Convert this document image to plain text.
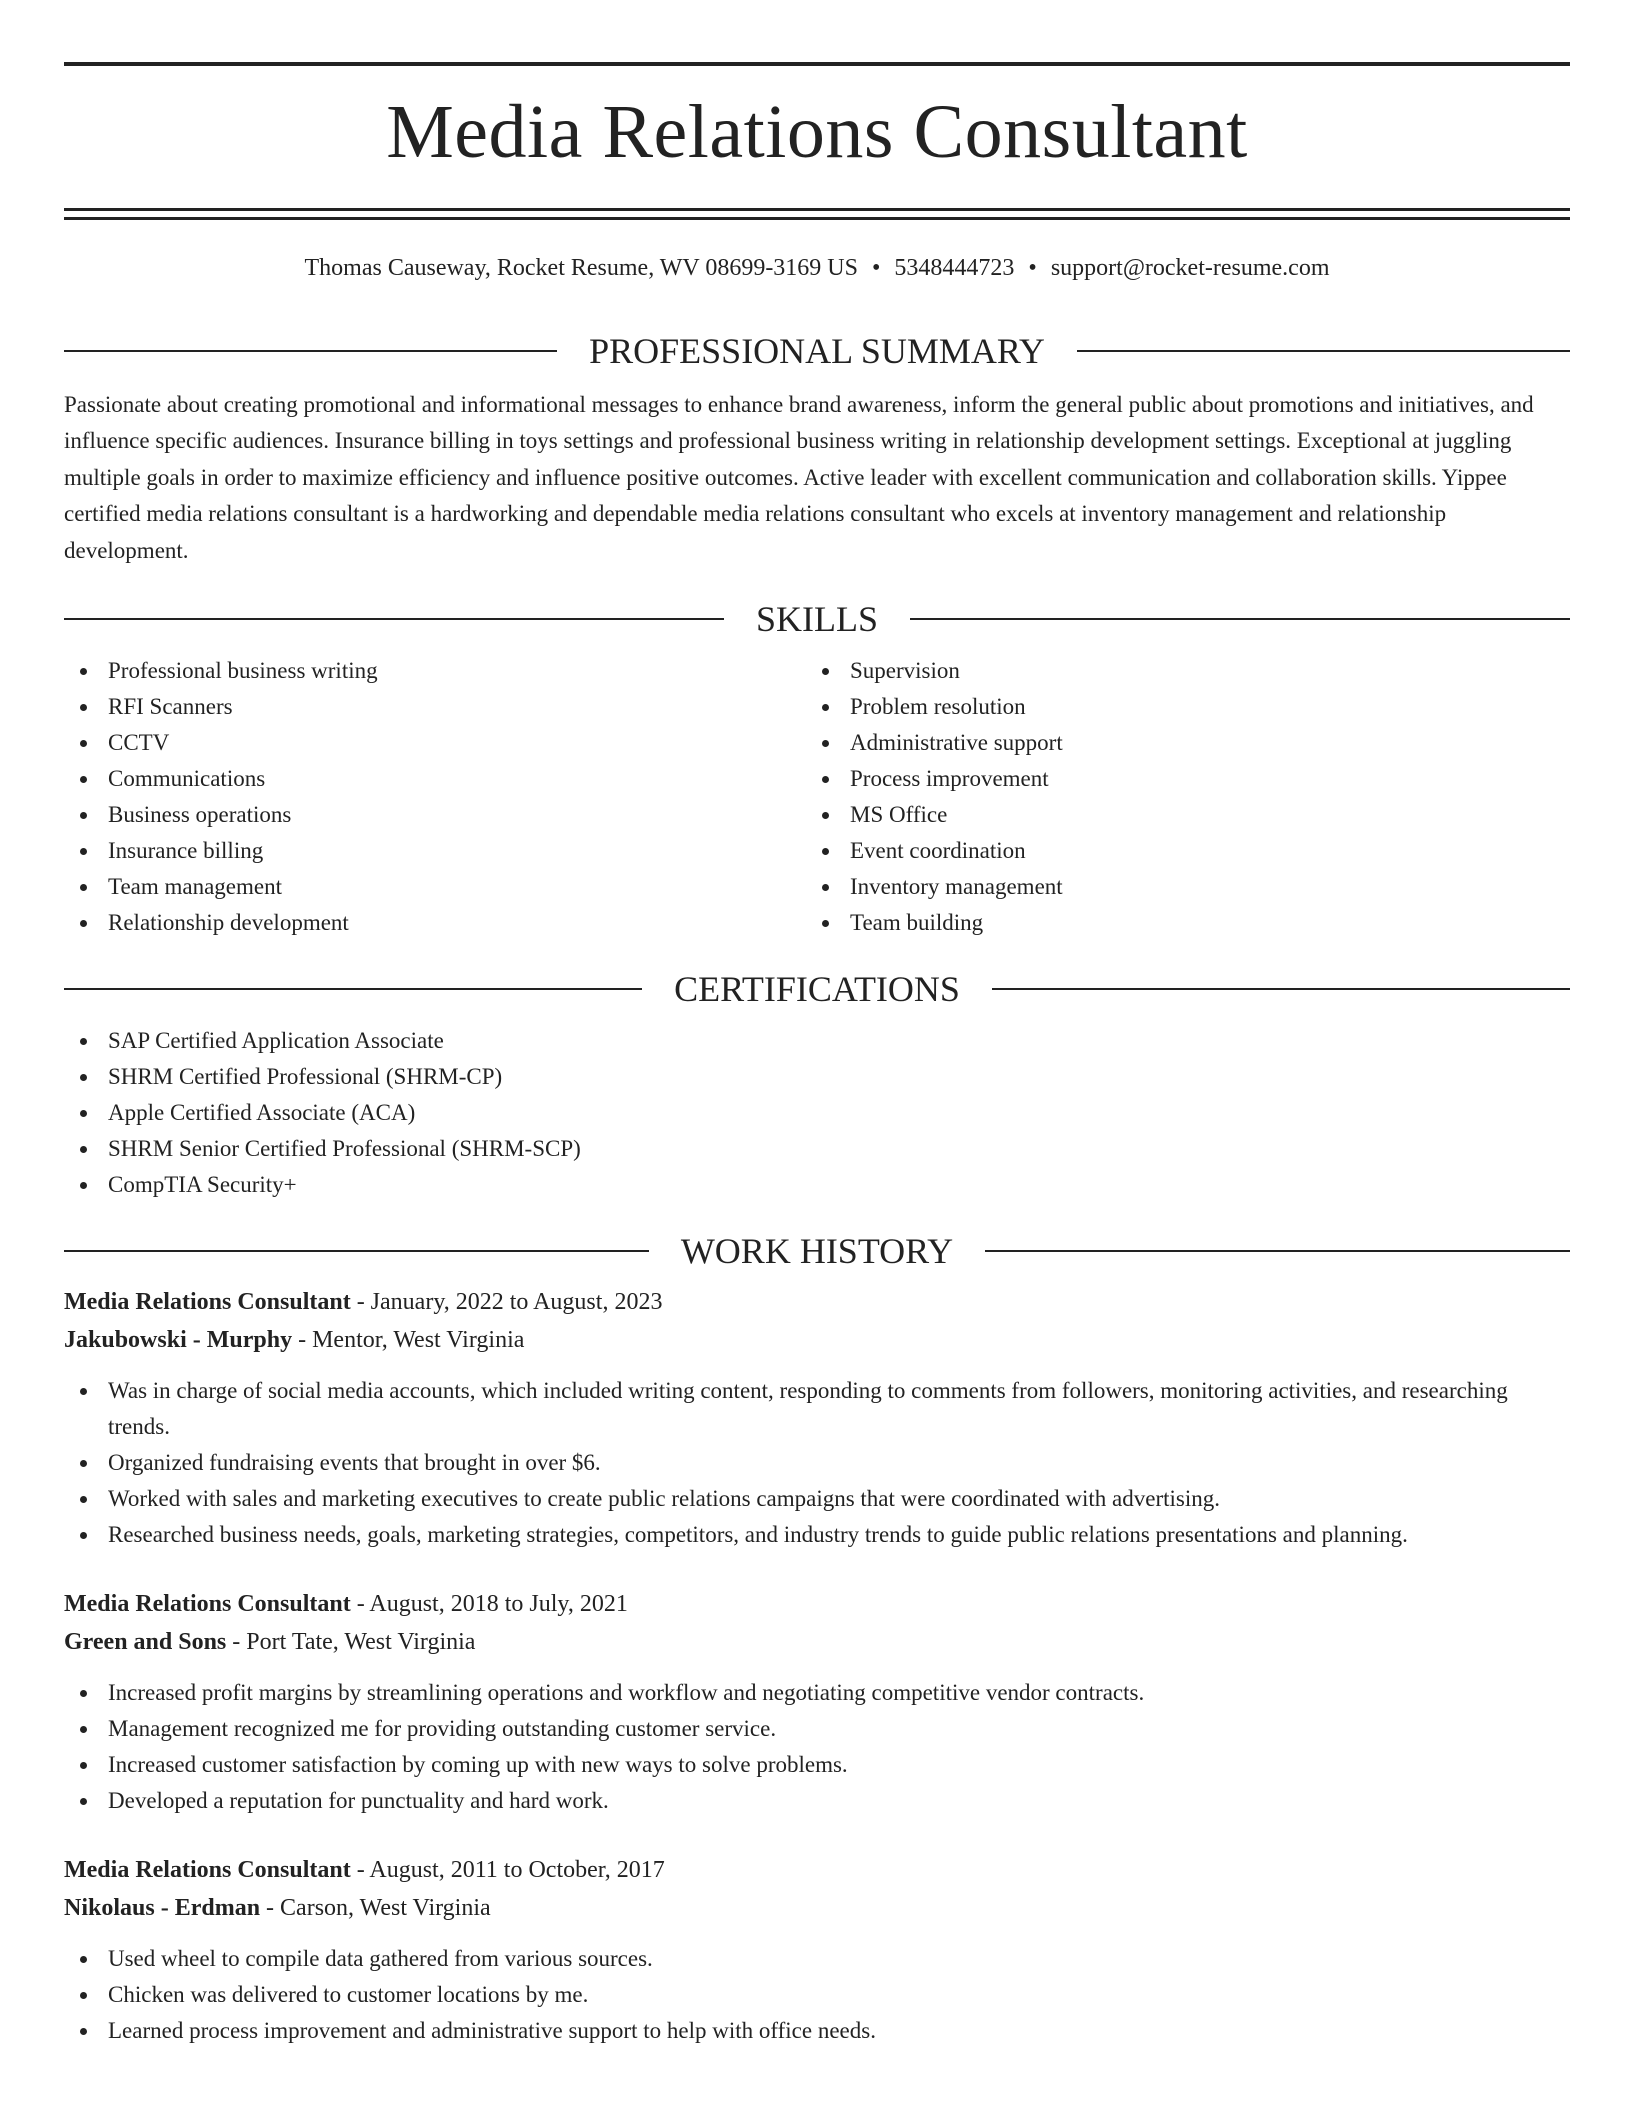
Media Relations Consultant
Thomas Causeway, Rocket Resume, WV 08699-3169 US • 5348444723 • support@rocket-resume.com
PROFESSIONAL SUMMARY

Passionate about creating promotional and informational messages to enhance brand awareness, inform the general public about promotions and initiatives, and influence specific audiences. Insurance billing in toys settings and professional business writing in relationship development settings. Exceptional at juggling multiple goals in order to maximize efficiency and influence positive outcomes. Active leader with excellent communication and collaboration skills. Yippee certified media relations consultant is a hardworking and dependable media relations consultant who excels at inventory management and relationship development.

SKILLS
Professional business writing
RFI Scanners
CCTV
Communications
Business operations
Insurance billing
Team management
Relationship development
Supervision
Problem resolution
Administrative support
Process improvement
MS Office
Event coordination
Inventory management
Team building
CERTIFICATIONS
SAP Certified Application Associate
SHRM Certified Professional (SHRM-CP)
Apple Certified Associate (ACA)
SHRM Senior Certified Professional (SHRM-SCP)
CompTIA Security+
WORK HISTORY
Media Relations Consultant - January, 2022 to August, 2023
Jakubowski - Murphy - Mentor, West Virginia
Was in charge of social media accounts, which included writing content, responding to comments from followers, monitoring activities, and researching trends.
Organized fundraising events that brought in over $6.
Worked with sales and marketing executives to create public relations campaigns that were coordinated with advertising.
Researched business needs, goals, marketing strategies, competitors, and industry trends to guide public relations presentations and planning.
Media Relations Consultant - August, 2018 to July, 2021
Green and Sons - Port Tate, West Virginia
Increased profit margins by streamlining operations and workflow and negotiating competitive vendor contracts.
Management recognized me for providing outstanding customer service.
Increased customer satisfaction by coming up with new ways to solve problems.
Developed a reputation for punctuality and hard work.
Media Relations Consultant - August, 2011 to October, 2017
Nikolaus - Erdman - Carson, West Virginia
Used wheel to compile data gathered from various sources.
Chicken was delivered to customer locations by me.
Learned process improvement and administrative support to help with office needs.
